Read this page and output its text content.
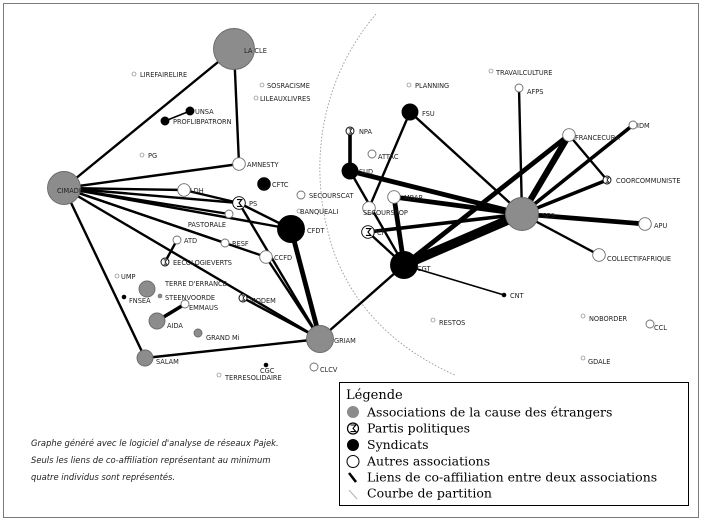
LA CLE
LIREFAIRELIRE
SOSRACISME
LILEAUXLIVRES
UNSA
PROFLIBPATRORN
PG
AMNESTY
CFTC
CIMADE	LDH
SECOURSCAT
BANQUEALI
PS
PASTORALE
CFDT
ATD	RESF
EECOLOGIEVERTS
CCFD
UMP
TERRE D'ERRANCE
STEENVOORDE
FNSEA
EMMAUS
MODEM
AIDA
GRAND Mi	GRIAM
SALAM
CGC	CLCV
TERRESOLIDAIRE
PLANNING
TRAVAILCULTURE
AFPS
IDM
FSU
NPA
ATTAC
FRANCECUBA
SUD
COORCOMMUNISTE
MRAP
SECOURSPOP
PCF
CSPS
APU
CGT
COLLECTIFAFRIQUE
CNT
RESTOS	NOBORDER
CCL
GDALE
Légende
Associations de la cause des étrangers
Partis politiques
Syndicats
Autres associations
Liens de co-affiliation entre deux associations
Courbe de partition
Graphe généré avec le logiciel d'analyse de réseaux Pajek.
Seuls les liens de co-affiliation représentant au minimum
quatre individus sont représentés.
